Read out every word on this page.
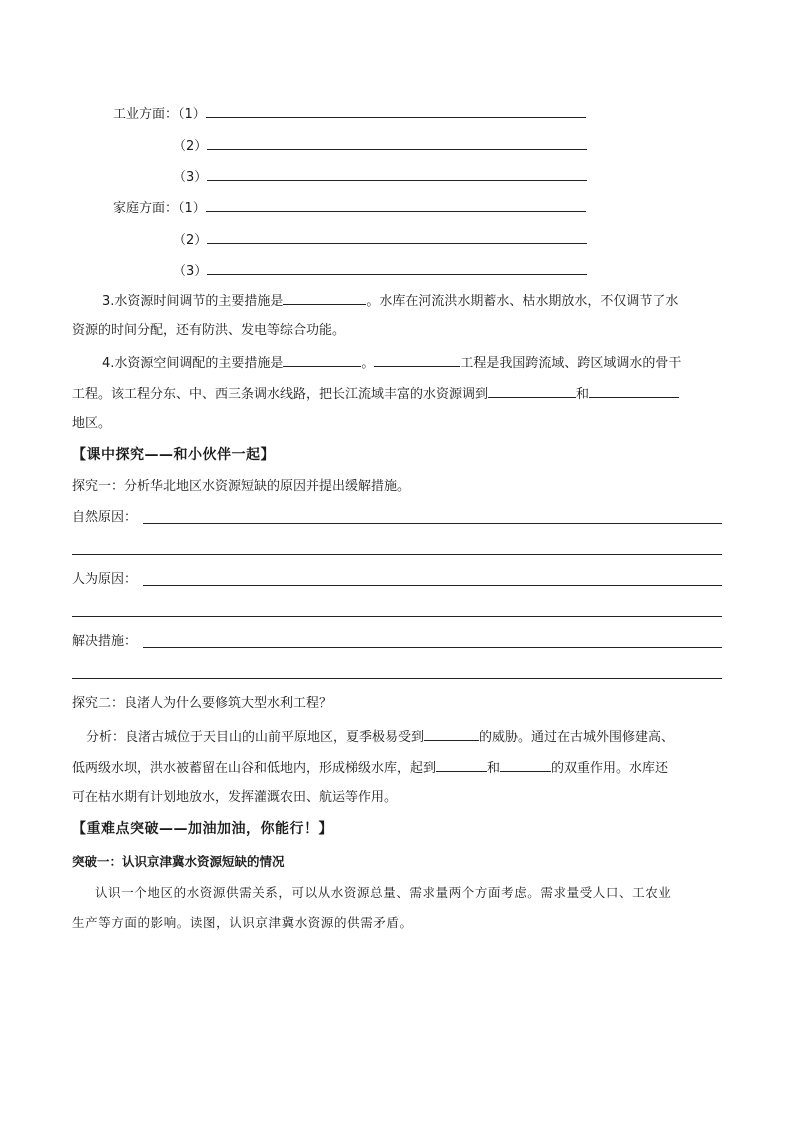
工业方面：（1）
（2）
（3）
家庭方面：（1）
（2）
（3）
3.水资源时间调节的主要措施是	。水库在河流洪水期蓄水、枯水期放水，不仅调节了水
资源的时间分配，还有防洪、发电等综合功能。
4.水资源空间调配的主要措施是	。	工程是我国跨流域、跨区域调水的骨干
工程。该工程分东、中、西三条调水线路，把长江流域丰富的水资源调到	和
地区。
【课中探究——和小伙伴一起】
探究一：分析华北地区水资源短缺的原因并提出缓解措施。
自然原因：
人为原因：
解决措施：
探究二：良渚人为什么要修筑大型水利工程？
分析：良渚古城位于天目山的山前平原地区，夏季极易受到	的威胁。通过在古城外围修建高、
低两级水坝，洪水被蓄留在山谷和低地内，形成梯级水库，起到	和	的双重作用。水库还
可在枯水期有计划地放水，发挥灌溉农田、航运等作用。
【重难点突破——加油加油，你能行！】
突破一：认识京津冀水资源短缺的情况
认识一个地区的水资源供需关系，可以从水资源总量、需求量两个方面考虑。需求量受人口、工农业
生产等方面的影响。读图，认识京津冀水资源的供需矛盾。
